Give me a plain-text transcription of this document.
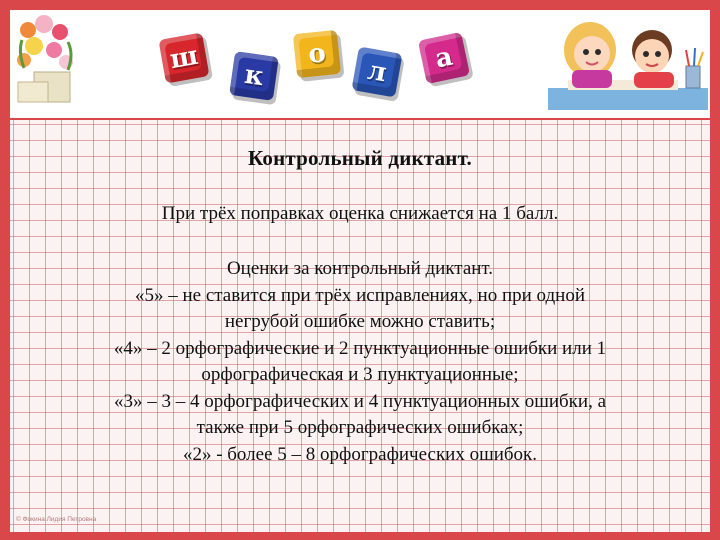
ш
к
о
л а
Контрольный диктант.
При трёх поправках оценка снижается на 1 балл.
Оценки за контрольный диктант.
«5» – не ставится при трёх исправлениях, но при одной
негрубой ошибке можно ставить;
«4» – 2 орфографические и 2 пунктуационные ошибки или 1
орфографическая и 3 пунктуационные;
«3» – 3 – 4 орфографических и 4 пунктуационных ошибки, а
также при 5 орфографических ошибках;
«2» - более 5 – 8 орфографических ошибок.
© Фокина Лидия Петровна
